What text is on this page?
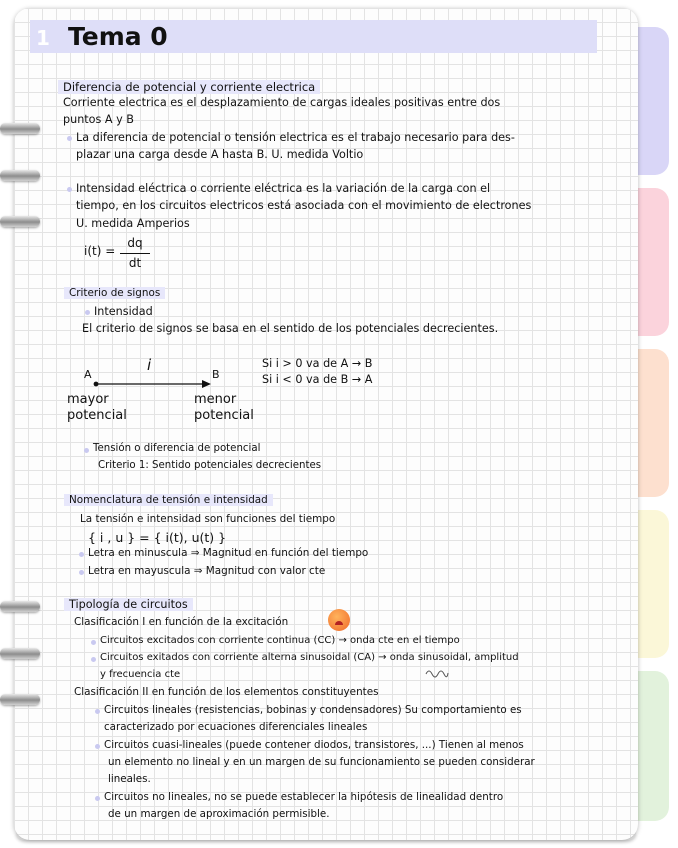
1 Tema 0
Diferencia de potencial y corriente electrica
Corriente electrica es el desplazamiento de cargas ideales positivas entre dos
puntos A y B
La diferencia de potencial o tensión electrica es el trabajo necesario para des-
plazar una carga desde A hasta B. U. medida Voltio
Intensidad eléctrica o corriente eléctrica es la variación de la carga con el
tiempo, en los circuitos electricos está asociada con el movimiento de electrones
U. medida Amperios
i(t) =
dq
dt
Criterio de signos
Intensidad
El criterio de signos se basa en el sentido de los potenciales decrecientes.
i
A	B
mayor
potencial
menor
potencial
Si i > 0 va de A → B
Si i < 0 va de B → A
Tensión o diferencia de potencial
Criterio 1: Sentido potenciales decrecientes
Nomenclatura de tensión e intensidad
La tensión e intensidad son funciones del tiempo
{ i , u } = { i(t), u(t) }
Letra en minuscula ⇒ Magnitud en función del tiempo
Letra en mayuscula ⇒ Magnitud con valor cte
Tipología de circuitos
Clasificación I en función de la excitación
Circuitos excitados con corriente continua (CC) → onda cte en el tiempo
Circuitos exitados con corriente alterna sinusoidal (CA) → onda sinusoidal, amplitud
y frecuencia cte
Clasificación II en función de los elementos constituyentes
Circuitos lineales (resistencias, bobinas y condensadores) Su comportamiento es
caracterizado por ecuaciones diferenciales lineales
Circuitos cuasi-lineales (puede contener diodos, transistores, ...) Tienen al menos
un elemento no lineal y en un margen de su funcionamiento se pueden considerar
lineales.
Circuitos no lineales, no se puede establecer la hipótesis de linealidad dentro
de un margen de aproximación permisible.
